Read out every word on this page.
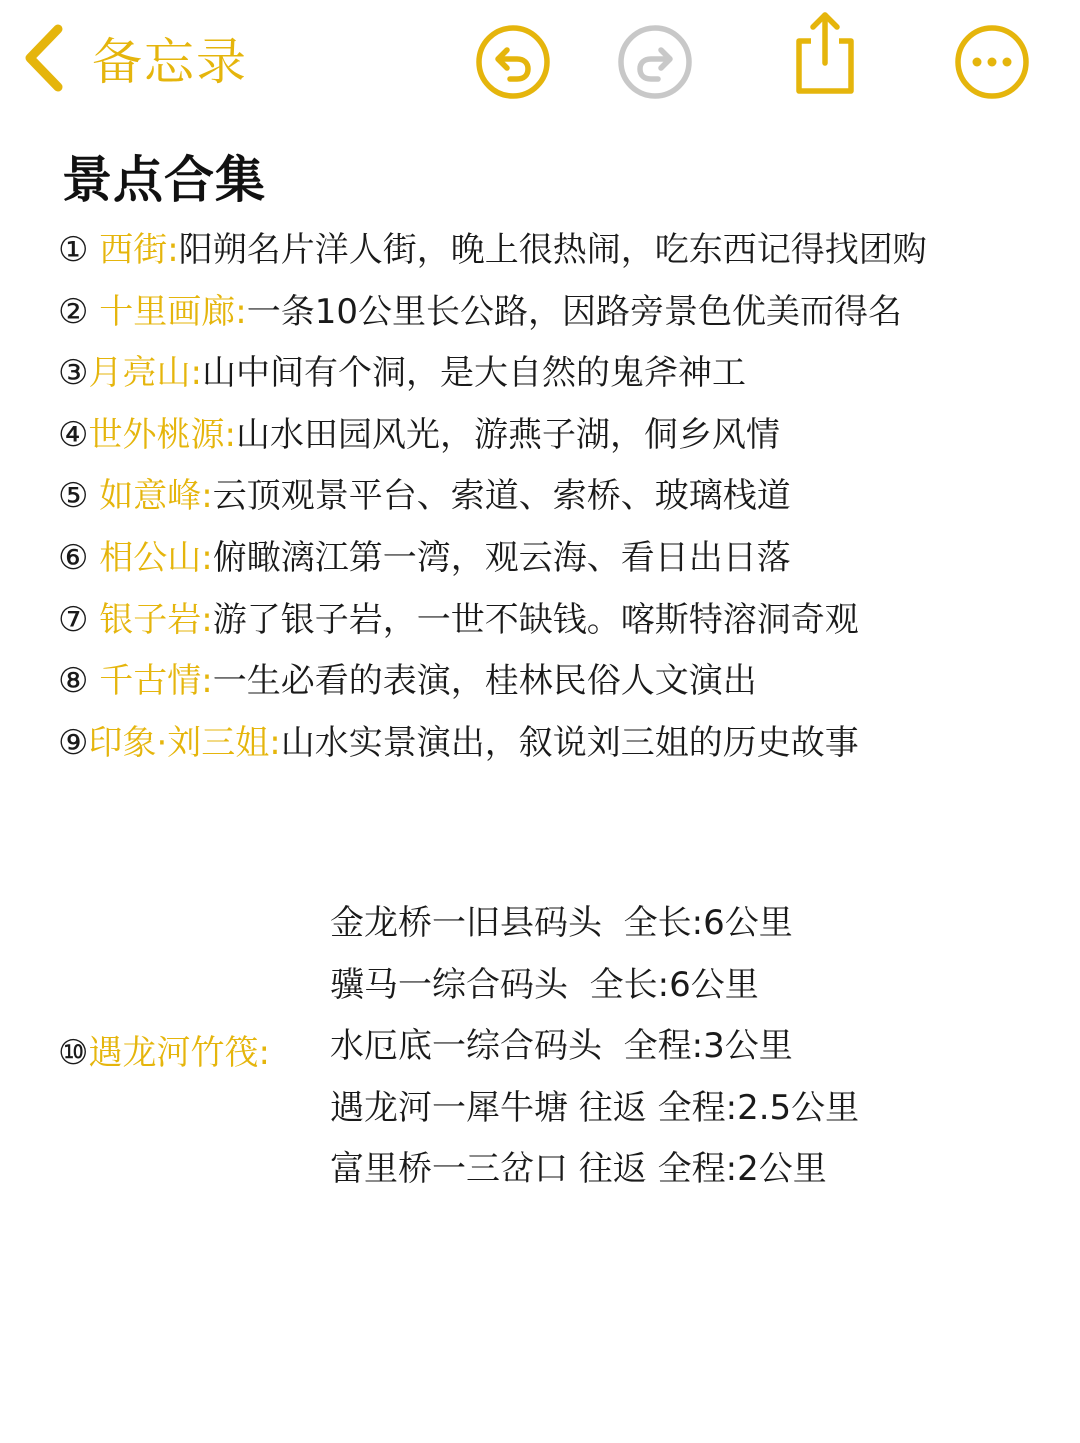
备忘录
景点合集
① 西街:阳朔名片洋人街，晚上很热闹，吃东西记得找团购
② 十里画廊:一条10公里长公路，因路旁景色优美而得名
③月亮山:山中间有个洞，是大自然的鬼斧神工
④世外桃源:山水田园风光，游燕子湖，侗乡风情
⑤ 如意峰:云顶观景平台、索道、索桥、玻璃栈道
⑥ 相公山:俯瞰漓江第一湾，观云海、看日出日落
⑦ 银子岩:游了银子岩，一世不缺钱。喀斯特溶洞奇观
⑧ 千古情:一生必看的表演，桂林民俗人文演出
⑨印象·刘三姐:山水实景演出，叙说刘三姐的历史故事
⑩遇龙河竹筏:
金龙桥一旧县码头  全长:6公里
骥马一综合码头  全长:6公里
水厄底一综合码头  全程:3公里
遇龙河一犀牛塘 往返 全程:2.5公里
富里桥一三岔口 往返 全程:2公里
